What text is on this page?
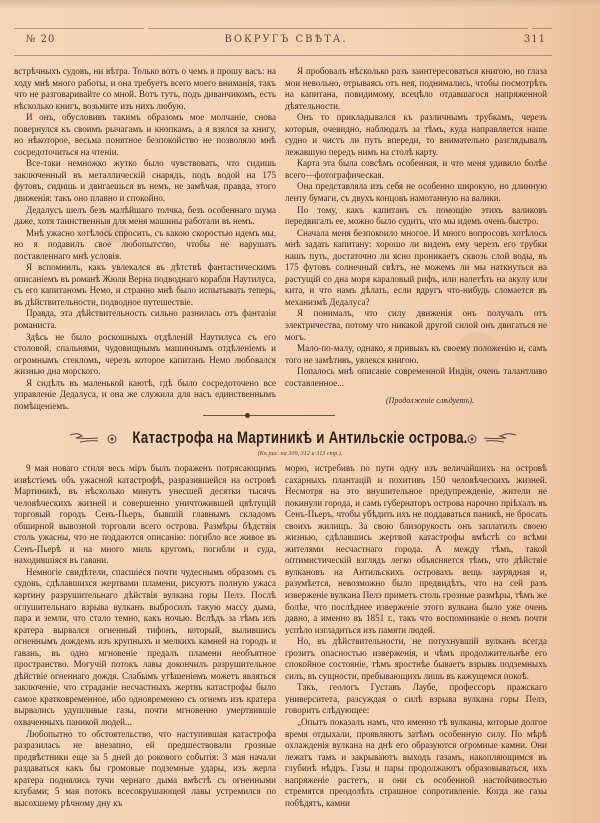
№ 20	ВОКРУГЪ СВѢТА.	311

встрѣчныхъ судовъ, ни вѣтра. Только вотъ о чемъ я прошу васъ: на ходу мнѣ много работы, и она требуетъ всего моего вниманія, такъ что не разговаривайте со мной. Вотъ тутъ, подъ диванчикомъ, есть нѣсколько книгъ, возьмите изъ нихъ любую.

И онъ, обусловивъ такимъ образомъ мое молчаніе, снова повернулся къ своимъ рычагамъ и кнопкамъ, а я взялся за книгу, но нѣкоторое, весьма понятное безпокойство не позволяло мнѣ сосредоточиться на чтеніи.

Все-таки немножко жутко было чувствовать, что сидишь заключенный въ металлическій снарядъ, подъ водой на 175 футовъ, сидишь и двигаешься въ немъ, не замѣчая, правда, этого движенія: такъ оно плавно и спокойно.

Дедалусъ шелъ безъ малѣйшаго толчка, безъ особеннаго шума даже, хотя таинственныя для меня машины работали въ немъ.

Мнѣ ужасно хотѣлось спросить, съ какою скоростью идемъ мы, но я подавилъ свое любопытство, чтобы не нарушать поставленнаго мнѣ условія.

Я вспомнилъ, какъ увлекался въ дѣтствѣ фантастическимъ описаніемъ въ романѣ Жюля Верна подводнаго корабля Наутилуса, съ его капитаномъ Немо, и странно мнѣ было испытывать теперь, въ дѣйствительности, подводное путешествіе.

Правда, эта дѣйствительность сильно разнилась отъ фантазіи романиста.

Здѣсь не было роскошныхъ отдѣленій Наутилуса съ его столовой, спальнями, чудовищнымъ машиннымъ отдѣленіемъ и огромнымъ стекломъ, черезъ которое капитанъ Немо любовался жизнью дна морского.

Я сидѣлъ въ маленькой каютѣ, гдѣ было сосредоточено все управленіе Дедалуса, и она же служила для насъ единственнымъ помѣщеніемъ.

Я пробовалъ нѣсколько разъ заинтересоваться книгою, но глаза мои невольно, отрываясь отъ нея, поднимались, чтобы посмотрѣть на капитана, повидимому, всецѣло отдавшагося напряженной дѣятельности.

Онъ то прикладывался къ различнымъ трубкамъ, черезъ которыя, очевидно, наблюдалъ за тѣмъ, куда направляется наше судно и чистъ ли путь впереди, то внимательно разглядывалъ лежавшую передъ нимъ на столѣ карту.

Карта эта была совсѣмъ особенная, и что меня удивило болѣе всего—фотографическая.

Она представляла изъ себя не особенно широкую, но длинную ленту бумаги, съ двухъ концовъ намотанную на валики.

По тому, какъ капитанъ съ помощію этихъ валиковъ передвигалъ ее, можно было судить, что мы идемъ очень быстро.

Сначала меня безпокоило многое. И много вопросовъ хотѣлось мнѣ задать капитану: хорошо ли виденъ ему черезъ его трубки нашъ путь, достаточно ли ясно проникаетъ сквозь слой воды, въ 175 футовъ солнечный свѣтъ, не можемъ ли мы наткнуться на растущій со дна моря караловый рифъ, или налетѣть на акулу или кита, и что намъ дѣлать, если вдругъ что-нибудь сломается въ механизмѣ Дедалуса?

Я понималъ, что силу движенія онъ получалъ отъ электричества, потому что никакой другой силой онъ двигаться не могъ.

Мало-по-малу, однако, я привыкъ къ своему положенію и, самъ того не замѣтивъ, увлекся книгою.

Попалось мнѣ описаніе современной Индіи, очень талантливо составленное...

(Продолженіе слѣдуетъ).
Катастрофа на Мартиникѣ и Антильскіе острова.
(Къ рис. на 309, 312 и 313 стр.).

9 мая новаго стиля весь міръ былъ пораженъ потрясающимъ извѣстіемъ объ ужасной катастрофѣ, разразившейся на островѣ Мартиникѣ, въ нѣсколько минутъ унесшей десятки тысячъ человѣческихъ жизней и совершенно уничтожившей цвѣтущій торговый городъ Сенъ-Пьеръ, бывшій главнымъ складомъ обширной вывозной торговли всего острова. Размѣры бѣдствія столь ужасны, что не поддаются описанію: погибло все живое въ Сенъ-Пьерѣ и на много миль кругомъ, погибли и суда, находившіяся въ гавани.

Немногіе свидѣтели, спасшіеся почти чудеснымъ образомъ съ судовъ, сдѣлавшихся жертвами пламени, рисуютъ полную ужаса картину разрушительнаго дѣйствія вулкана горы Пелэ. Послѣ оглушительнаго взрыва вулканъ выбросилъ такую массу дыма, пара и земли, что стало темно, какъ ночью. Вслѣдъ за тѣмъ изъ кратера вырвался огненный тифонъ, который, вылившись огненнымъ дождемъ изъ крупныхъ и мелкихъ камней на городъ и гавань, въ одно мгновеніе предалъ пламени необъятное пространство. Могучій потокъ лавы докончилъ разрушительное дѣйствіе огненнаго дождя. Слабымъ утѣшеніемъ можетъ являться заключеніе, что страданіе несчастныхъ жертвъ катастрофы было самое кратковременное, ибо одновременно съ огнемъ изъ кратера вырвались удушливые газы, почти мгновенно умертвившіе охваченныхъ паникой людей...

Любопытно то обстоятельство, что наступившая катастрофа разразилась не внезапно, ей предшествовали грозные предвѣстники еще за 5 дней до рокового событія: 3 мая начали раздаваться какъ бы громовые подземные удары, изъ жерла кратера поднялись тучи чернаго дыма вмѣстѣ съ огненными клубами; 5 мая потокъ всесокрушающей лавы устремился по высохшему рѣчному дну къ

морю, истребивъ по пути одну изъ величайшихъ на островѣ сахарныхъ плантацій и похитивъ 150 человѣческихъ жизней. Несмотря на это внушительное предупрежденіе, жители не покинули города, и самъ губернаторъ острова нарочно пріѣхалъ въ Сенъ-Пьеръ, чтобы убѣдить ихъ не поддаваться паникѣ, не бросать своихъ жилищъ. За свою близорукость онъ заплатилъ своею жизнью, сдѣлавшись жертвой катастрофы вмѣстѣ со всѣми жителями несчастнаго города. А между тѣмъ, такой оптимистическій взглядъ легко объясняется тѣмъ, что дѣйствіе вулкановъ на Антильскихъ островахъ вещь заурядная и, разумѣется, невозможно было предвидѣть, что на сей разъ изверженіе вулкана Пелэ приметъ столь грозные размѣры, тѣмъ же болѣе, что послѣднее изверженіе этого вулкана было уже очень давно, а именно въ 1851 г., такъ что воспоминаніе о немъ почти успѣло изгладиться изъ памяти людей.

Но, въ дѣйствительности, не потухнувшій вулканъ всегда грозитъ опасностью изверженія, и чѣмъ продолжительнѣе его спокойное состояніе, тѣмъ яростнѣе бываетъ взрывъ подземныхъ силъ, въ сущности, пребывающихъ лишь въ кажущемся покоѣ.

Такъ, геологъ Густавъ Лаубе, профессоръ пражскаго университета, разсуждая о силѣ взрыва вулкана горы Пелэ, говоритъ слѣдующее:

„Опытъ показалъ намъ, что именно тѣ вулканы, которые долгое время отдыхали, проявляютъ затѣмъ особенную силу. По мѣрѣ охлажденія вулкана на днѣ его образуются огромные камни. Они лежатъ тамъ и закрываютъ выходъ газамъ, накопляющимся въ глубинѣ нѣдръ. Газы и пары продолжаютъ образовываться, ихъ напряженіе растетъ, и они съ особенной настойчивостью стремятся преодолѣть страшное сопротивленіе. Когда же газы побѣдятъ, камни
